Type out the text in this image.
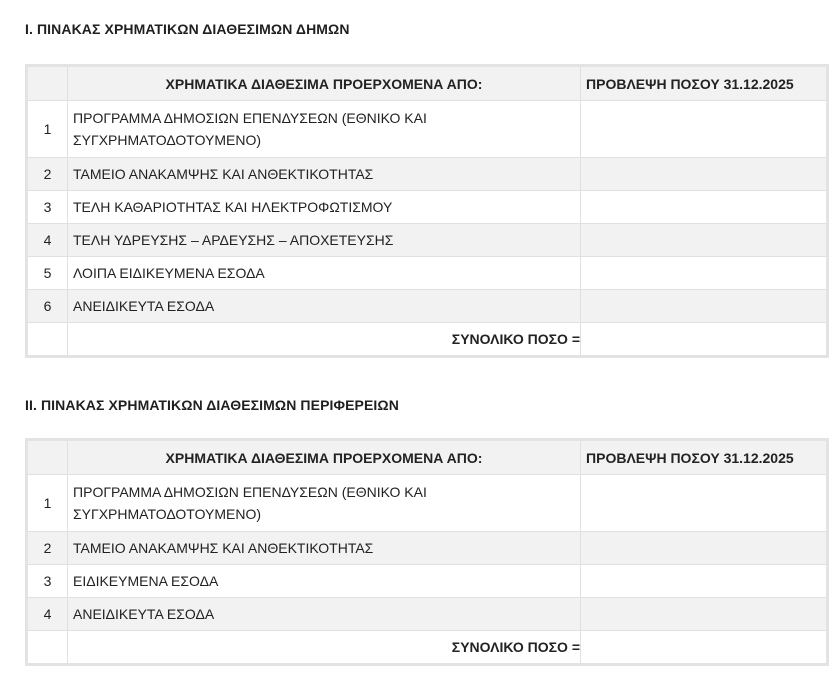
I. ΠΙΝΑΚΑΣ ΧΡΗΜΑΤΙΚΩΝ ΔΙΑΘΕΣΙΜΩΝ ΔΗΜΩΝ
	ΧΡΗΜΑΤΙΚΑ ΔΙΑΘΕΣΙΜΑ ΠΡΟΕΡΧΟΜΕΝΑ ΑΠΟ:	ΠΡΟΒΛΕΨΗ ΠΟΣΟΥ 31.12.2025
1	ΠΡΟΓΡΑΜΜΑ ΔΗΜΟΣΙΩΝ ΕΠΕΝΔΥΣΕΩΝ (ΕΘΝΙΚΟ ΚΑΙ ΣΥΓΧΡΗΜΑΤΟΔΟΤΟΥΜΕΝΟ)	
2	ΤΑΜΕΙΟ ΑΝΑΚΑΜΨΗΣ ΚΑΙ ΑΝΘΕΚΤΙΚΟΤΗΤΑΣ	
3	ΤΕΛΗ ΚΑΘΑΡΙΟΤΗΤΑΣ ΚΑΙ ΗΛΕΚΤΡΟΦΩΤΙΣΜΟΥ	
4	ΤΕΛΗ ΥΔΡΕΥΣΗΣ – ΑΡΔΕΥΣΗΣ – ΑΠΟΧΕΤΕΥΣΗΣ	
5	ΛΟΙΠΑ ΕΙΔΙΚΕΥΜΕΝΑ ΕΣΟΔΑ	
6	ΑΝΕΙΔΙΚΕΥΤΑ ΕΣΟΔΑ	
	ΣΥΝΟΛΙΚΟ ΠΟΣΟ =	
II. ΠΙΝΑΚΑΣ ΧΡΗΜΑΤΙΚΩΝ ΔΙΑΘΕΣΙΜΩΝ ΠΕΡΙΦΕΡΕΙΩΝ
	ΧΡΗΜΑΤΙΚΑ ΔΙΑΘΕΣΙΜΑ ΠΡΟΕΡΧΟΜΕΝΑ ΑΠΟ:	ΠΡΟΒΛΕΨΗ ΠΟΣΟΥ 31.12.2025
1	ΠΡΟΓΡΑΜΜΑ ΔΗΜΟΣΙΩΝ ΕΠΕΝΔΥΣΕΩΝ (ΕΘΝΙΚΟ ΚΑΙ ΣΥΓΧΡΗΜΑΤΟΔΟΤΟΥΜΕΝΟ)	
2	ΤΑΜΕΙΟ ΑΝΑΚΑΜΨΗΣ ΚΑΙ ΑΝΘΕΚΤΙΚΟΤΗΤΑΣ	
3	ΕΙΔΙΚΕΥΜΕΝΑ ΕΣΟΔΑ	
4	ΑΝΕΙΔΙΚΕΥΤΑ ΕΣΟΔΑ	
	ΣΥΝΟΛΙΚΟ ΠΟΣΟ =	
